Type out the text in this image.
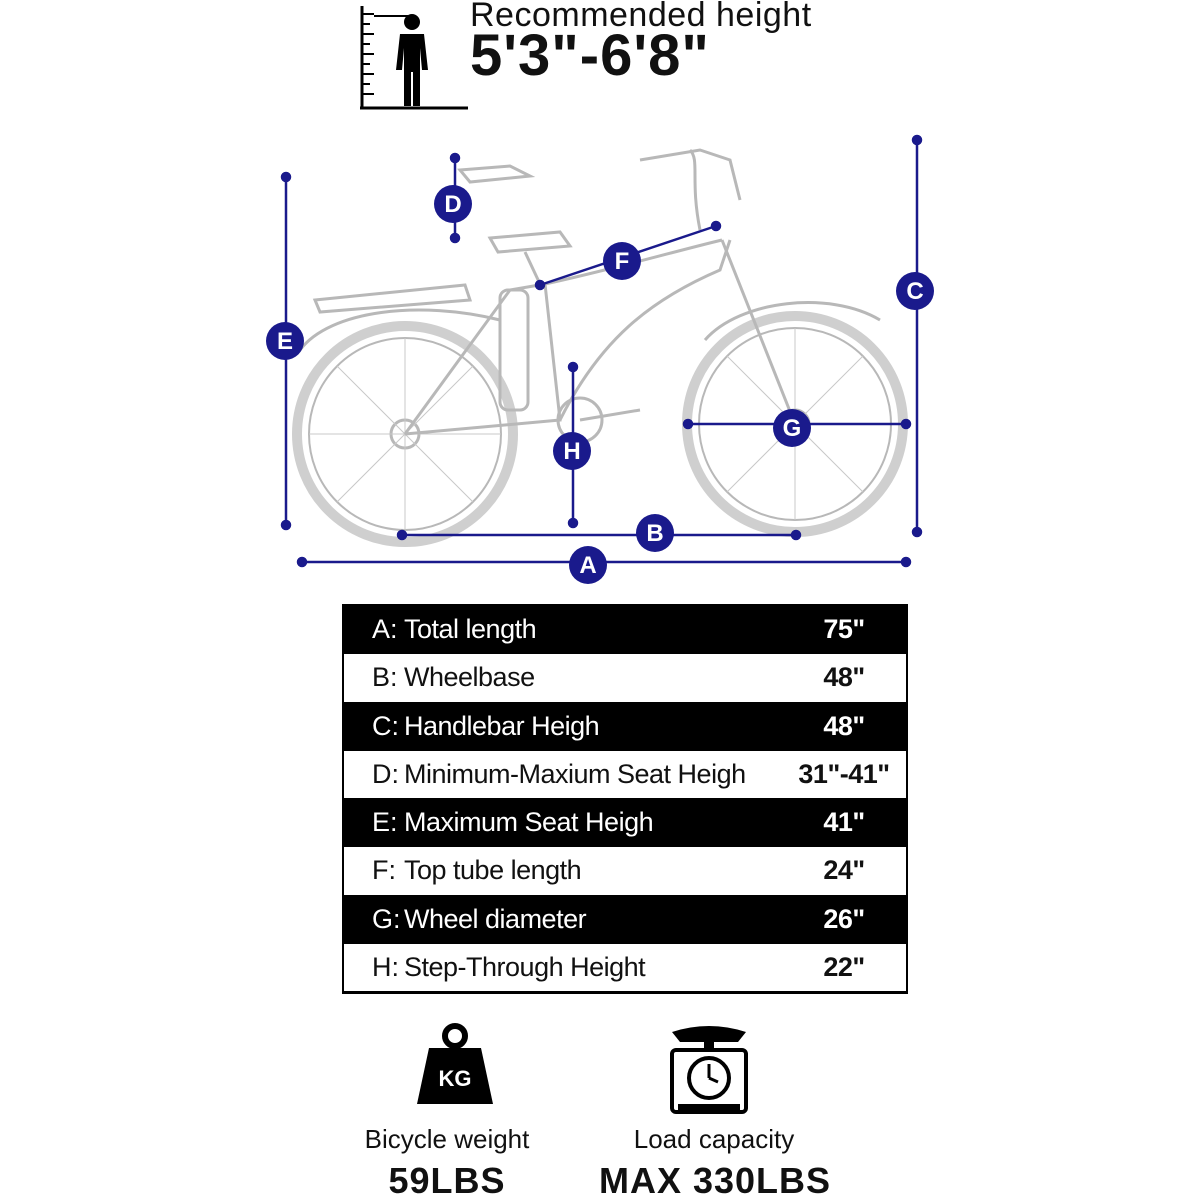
Recommended height
5'3"-6'8"
A
B
C
D
E
F
G
H
A: Total length	75"
B: Wheelbase	48"
C: Handlebar Heigh	48"
D: Minimum-Maxium Seat Heigh	31"-41"
E: Maximum Seat Heigh	41"
F: Top tube length	24"
G: Wheel diameter	26"
H: Step-Through Height	22"
KG
Bicycle weight
59LBS
Load capacity
MAX 330LBS
